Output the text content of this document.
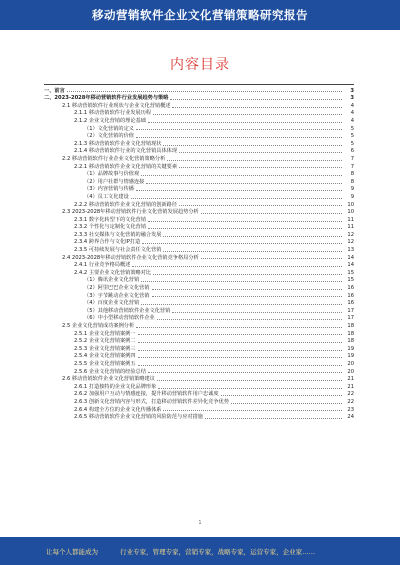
移动营销软件企业文化营销策略研究报告
内容目录
一、前言	3
二、2023-2028年移动营销软件行业发展趋势与策略	3
2.1 移动营销软件行业现状与企业文化营销概述	4
2.1.1 移动营销软件行业发展历程	4
2.1.2 企业文化营销的理论基础	4
（1）文化营销的定义	5
（2）文化营销的价值	5
2.1.3 移动营销软件企业文化营销现状	5
2.1.4 移动营销软件行业的文化营销具体体现	6
2.2 移动营销软件行业企业文化营销策略分析	7
2.2.1 移动营销软件企业文化营销的关键要素	7
（1）品牌故事与价值观	8
（2）用户社群与情感连接	8
（3）内容营销与传播	9
（4）员工文化建设	9
2.2.2 移动营销软件企业文化营销的创新路径	10
2.3 2023-2028年移动营销软件行业文化营销发展趋势分析	10
2.3.1 数字化转型下的文化营销	11
2.3.2 个性化与定制化文化营销	11
2.3.3 社交媒体与文化营销的融合发展	12
2.3.4 跨界合作与文化IP打造	12
2.3.5 可持续发展与社会责任文化营销	13
2.4 2023-2028年移动营销软件企业文化营销竞争格局分析	14
2.4.1 行业竞争格局概述	14
2.4.2 主要企业文化营销策略对比	15
（1）腾讯企业文化营销	15
（2）阿里巴巴企业文化营销	16
（3）字节跳动企业文化营销	16
（4）百度企业文化营销	16
（5）其他移动营销软件企业文化营销	17
（6）中小型移动营销软件企业	17
2.5 企业文化营销成功案例分析	18
2.5.1 企业文化营销案例一	18
2.5.2 企业文化营销案例二	18
2.5.3 企业文化营销案例三	19
2.5.4 企业文化营销案例四	19
2.5.5 企业文化营销案例五	20
2.5.6 企业文化营销的经验总结	20
2.6 移动营销软件企业文化营销策略建议	21
2.6.1 打造独特的企业文化品牌形象	21
2.6.2 加强用户互动与情感连接，提升移动营销软件用户忠诚度	22
2.6.3 创新文化营销内容与形式，打造移动营销软件差异化竞争优势	22
2.6.4 构建全方位的企业文化传播体系	23
2.6.5 移动营销软件企业文化营销的风险防范与应对措施	24
1
让每个人都能成为	行业专家，管理专家，营销专家，战略专家，运营专家，企业家……
